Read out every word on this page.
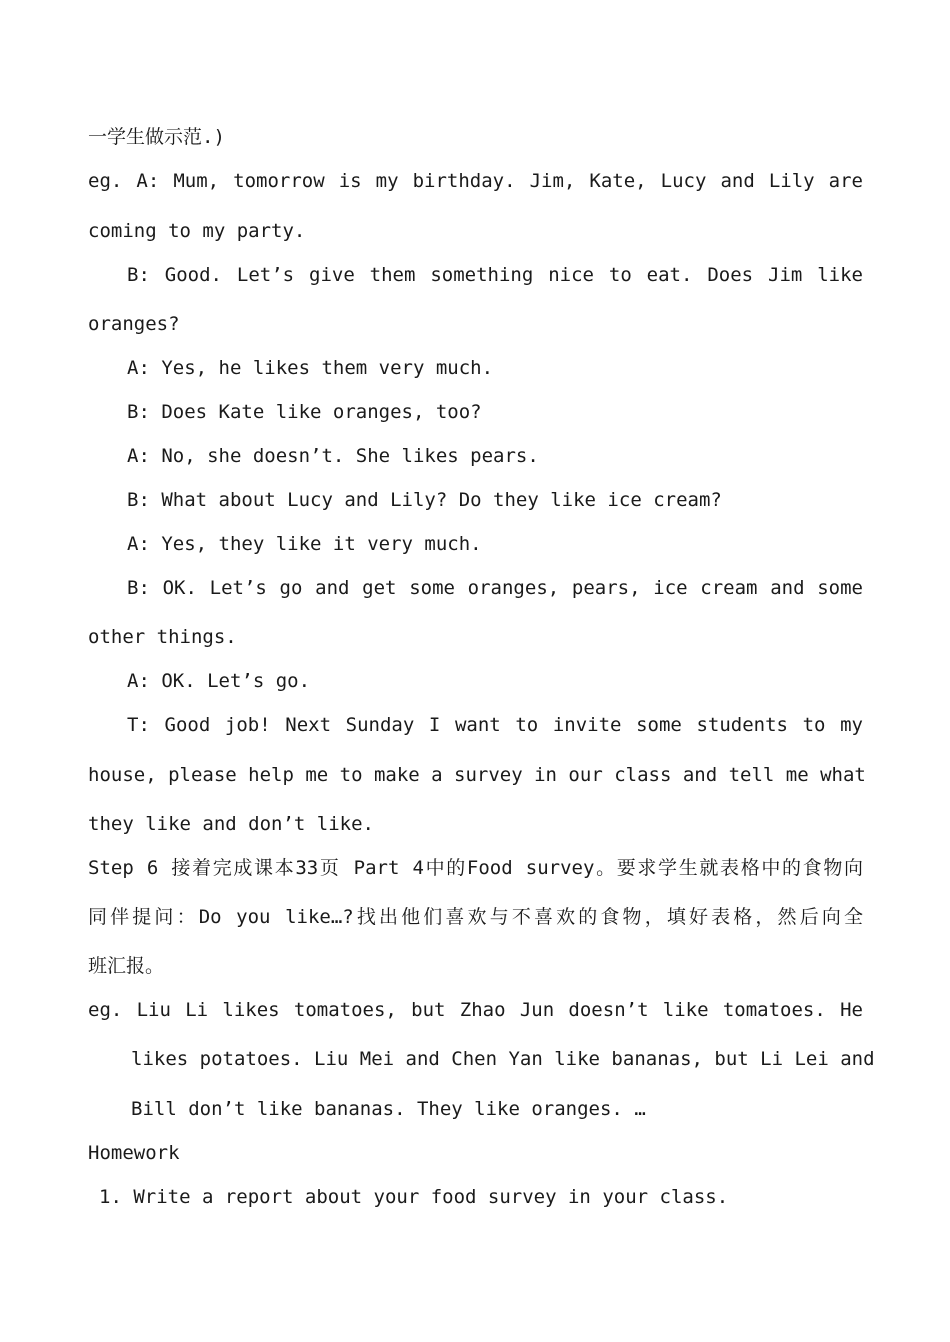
一学生做示范.)
eg. A: Mum, tomorrow is my birthday. Jim, Kate, Lucy and Lily are
coming to my party.
B: Good. Let’s give them something nice to eat. Does Jim like
oranges?
A: Yes, he likes them very much.
B: Does Kate like oranges, too?
A: No, she doesn’t. She likes pears.
B: What about Lucy and Lily? Do they like ice cream?
A: Yes, they like it very much.
B: OK. Let’s go and get some oranges, pears, ice cream and some
other things.
A: OK. Let’s go.
T: Good job! Next Sunday I want to invite some students to my
house, please help me to make a survey in our class and tell me what
they like and don’t like.
Step 6 接着完成课本33页 Part 4中的Food survey。要求学生就表格中的食物向
同伴提问：Do you like…?找出他们喜欢与不喜欢的食物，填好表格，然后向全
班汇报。
eg. Liu Li likes tomatoes, but Zhao Jun doesn’t like tomatoes. He
likes potatoes. Liu Mei and Chen Yan like bananas, but Li Lei and
Bill don’t like bananas. They like oranges. …
Homework
1. Write a report about your food survey in your class.
